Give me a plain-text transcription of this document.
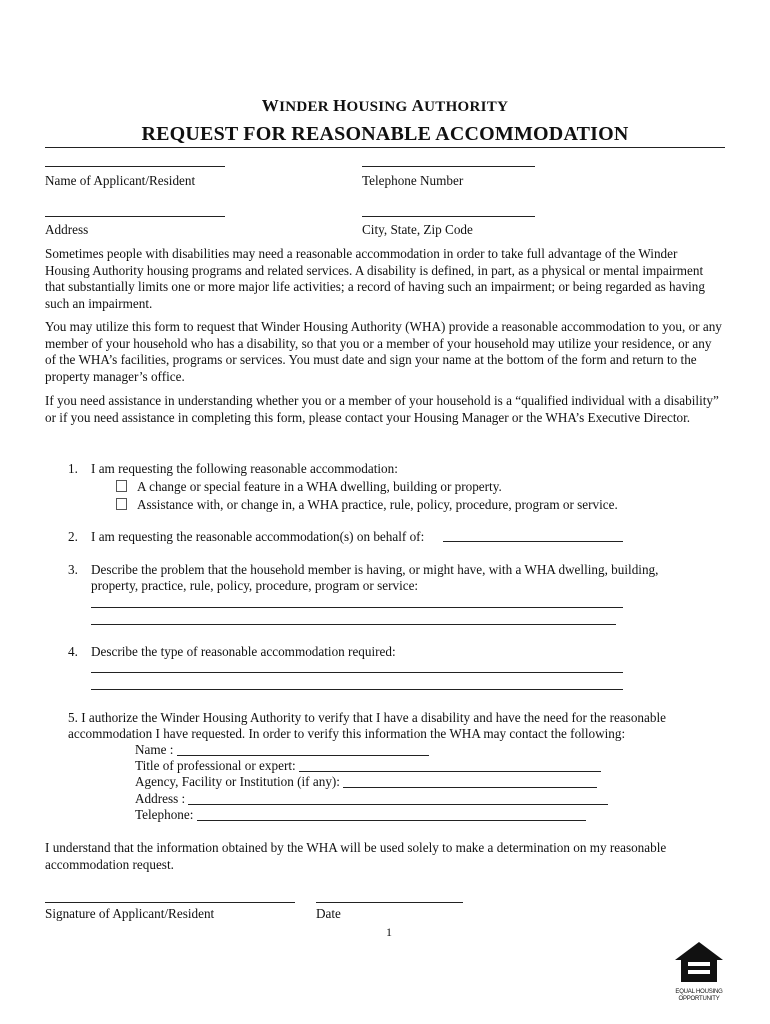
WINDER HOUSING AUTHORITY
REQUEST FOR REASONABLE ACCOMMODATION
Name of Applicant/Resident	Telephone Number
Address	City, State, Zip Code
Sometimes people with disabilities may need a reasonable accommodation in order to take full advantage of the Winder Housing Authority housing programs and related services. A disability is defined, in part, as a physical or mental impairment that substantially limits one or more major life activities; a record of having such an impairment; or being regarded as having such an impairment.
You may utilize this form to request that Winder Housing Authority (WHA) provide a reasonable accommodation to you, or any member of your household who has a disability, so that you or a member of your household may utilize your residence, or any of the WHA’s facilities, programs or services. You must date and sign your name at the bottom of the form and return to the property manager’s office.
If you need assistance in understanding whether you or a member of your household is a “qualified individual with a disability” or if you need assistance in completing this form, please contact your Housing Manager or the WHA’s Executive Director.
1. I am requesting the following reasonable accommodation:
A change or special feature in a WHA dwelling, building or property.
Assistance with, or change in, a WHA practice, rule, policy, procedure, program or service.
2. I am requesting the reasonable accommodation(s) on behalf of:
3. Describe the problem that the household member is having, or might have, with a WHA dwelling, building,
property, practice, rule, policy, procedure, program or service:
4. Describe the type of reasonable accommodation required:
5. I authorize the Winder Housing Authority to verify that I have a disability and have the need for the reasonable
accommodation I have requested. In order to verify this information the WHA may contact the following:
Name :
Title of professional or expert:
Agency, Facility or Institution (if any):
Address :
Telephone:
I understand that the information obtained by the WHA will be used solely to make a determination on my reasonable accommodation request.
Signature of Applicant/Resident	Date
1
EQUAL HOUSING
OPPORTUNITY
